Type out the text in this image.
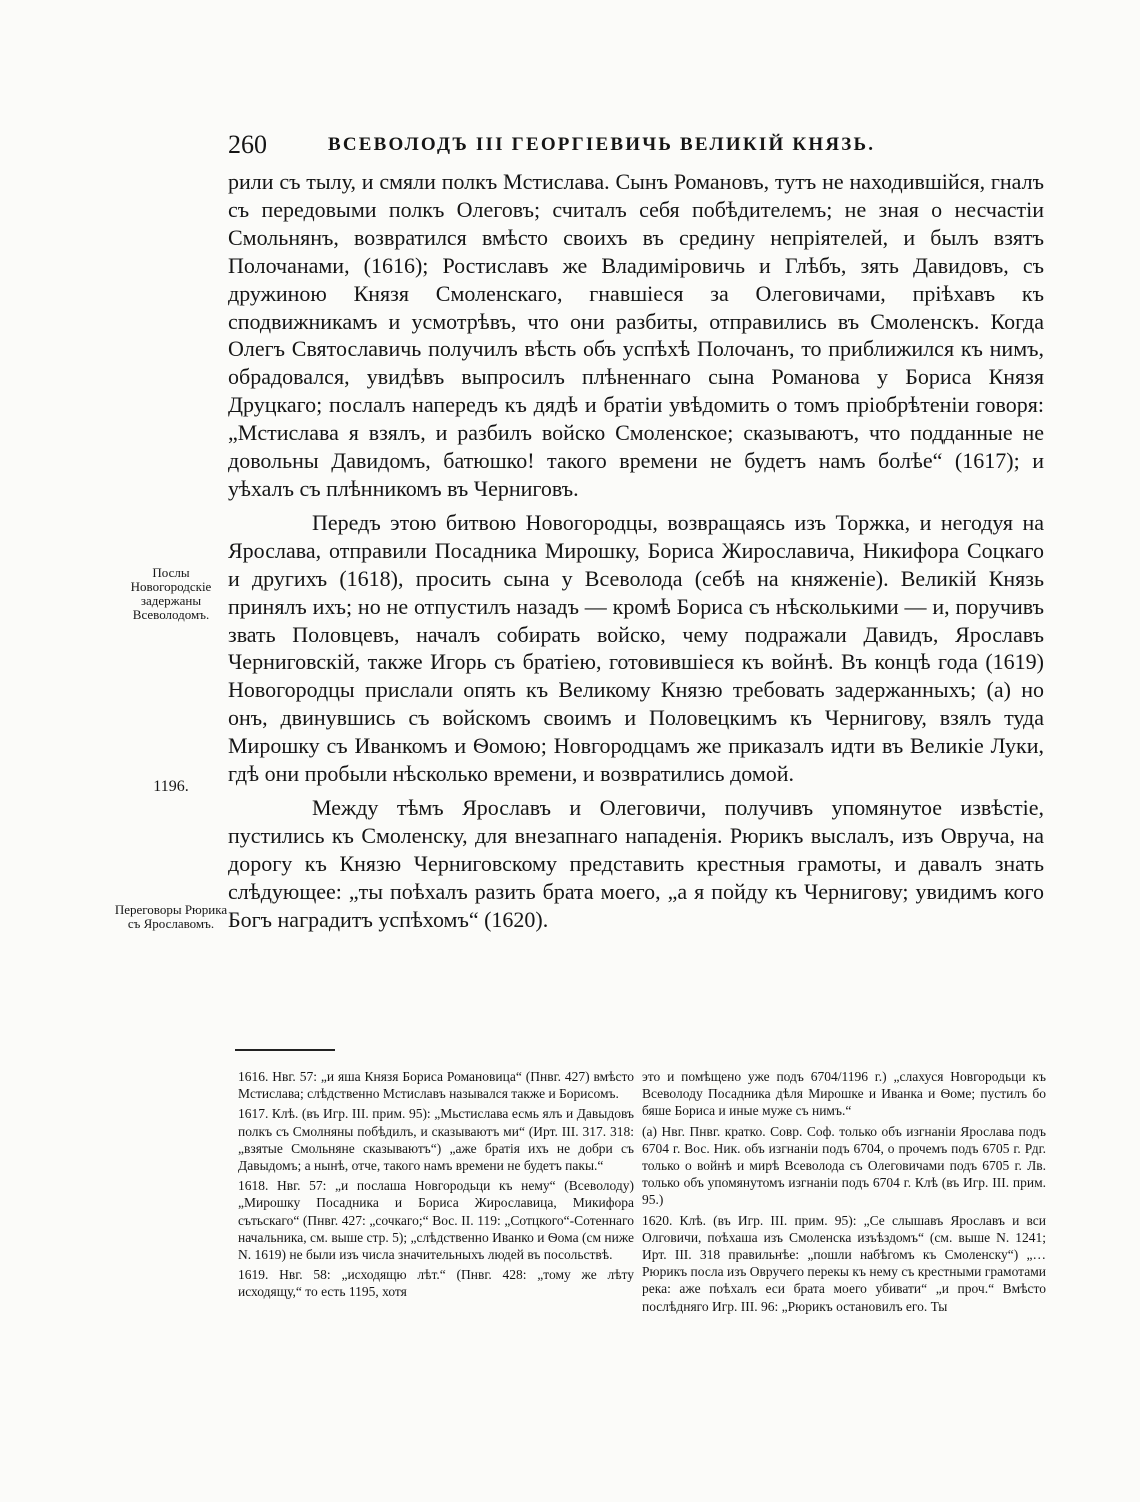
260	ВСЕВОЛОДЪ III ГЕОРГІЕВИЧЬ ВЕЛИКІЙ КНЯЗЬ.

рили съ тылу, и смяли полкъ Мстислава. Сынъ Романовъ, тутъ не находившійся, гналъ съ передовыми полкъ Олеговъ; считалъ себя побѣдителемъ; не зная о несчастіи Смольнянъ, возвратился вмѣсто своихъ въ средину непріятелей, и былъ взятъ Полочанами, (1616); Ростиславъ же Владиміровичь и Глѣбъ, зять Давидовъ, съ дружиною Князя Смоленскаго, гнавшіеся за Олеговичами, пріѣхавъ къ сподвижникамъ и усмотрѣвъ, что они разбиты, отправились въ Смоленскъ. Когда Олегъ Святославичь получилъ вѣсть объ успѣхѣ Полочанъ, то приближился къ нимъ, обрадовался, увидѣвъ выпросилъ плѣненнаго сына Романова у Бориса Князя Друцкаго; послалъ напередъ къ дядѣ и братіи увѣдомить о томъ пріобрѣтеніи говоря: „Мстислава я взялъ, и разбилъ войско Смоленское; сказываютъ, что подданные не довольны Давидомъ, батюшко! такого времени не будетъ намъ болѣе“ (1617); и уѣхалъ съ плѣнникомъ въ Черниговъ.

Передъ этою битвою Новогородцы, возвращаясь изъ Торжка, и негодуя на Ярослава, отправили Посадника Мирошку, Бориса Жирославича, Никифора Соцкаго и другихъ (1618), просить сына у Всеволода (себѣ на княженіе). Великій Князь принялъ ихъ; но не отпустилъ назадъ — кромѣ Бориса съ нѣсколькими — и, поручивъ звать Половцевъ, началъ собирать войско, чему подражали Давидъ, Ярославъ Черниговскій, также Игорь съ братіею, готовившіеся къ войнѣ. Въ концѣ года (1619) Новогородцы прислали опять къ Великому Князю требовать задержанныхъ; (а) но онъ, двинувшись съ войскомъ своимъ и Половецкимъ къ Чернигову, взялъ туда Мирошку съ Иванкомъ и Ѳомою; Новгородцамъ же приказалъ идти въ Великіе Луки, гдѣ они пробыли нѣсколько времени, и возвратились домой.

Между тѣмъ Ярославъ и Олеговичи, получивъ упомянутое извѣстіе, пустились къ Смоленску, для внезапнаго нападенія. Рюрикъ выслалъ, изъ Овруча, на дорогу къ Князю Черниговскому представить крестныя грамоты, и давалъ знать слѣдующее: „ты поѣхалъ разить брата моего, „а я пойду къ Чернигову; увидимъ кого Богъ наградитъ успѣхомъ“ (1620).

Послы Новогородскіе задержаны Всеволодомъ.
1196.
Переговоры Рюрика съ Ярославомъ.

1616. Нвг. 57: „и яша Князя Бориса Романовица“ (Пнвг. 427) вмѣсто Мстислава; слѣдственно Мстиславъ назывался также и Борисомъ.

1617. Клѣ. (въ Игр. III. прим. 95): „Мьстислава есмь ялъ и Давыдовъ полкъ съ Смолняны побѣдилъ, и сказываютъ ми“ (Ирт. III. 317. 318: „взятые Смольняне сказываютъ“) „аже братія ихъ не добри съ Давыдомъ; а нынѣ, отче, такого намъ времени не будетъ пакы.“

1618. Нвг. 57: „и послаша Новгородьци къ нему“ (Всеволоду) „Мирошку Посадника и Бориса Жирославица, Микифора сътьскаго“ (Пнвг. 427: „сочкаго;“ Вос. II. 119: „Сотцкого“-Сотеннаго начальника, см. выше стр. 5); „слѣдственно Иванко и Ѳома (см ниже N. 1619) не были изъ числа значительныхъ людей въ посольствѣ.

1619. Нвг. 58: „исходящю лѣт.“ (Пнвг. 428: „тому же лѣту исходящу,“ то есть 1195, хотя

это и помѣщено уже подъ 6704/1196 г.) „слахуся Новгородьци къ Всеволоду Посадника дѣля Мирошке и Иванка и Ѳоме; пустилъ бо бяше Бориса и иные муже съ нимъ.“

(а) Нвг. Пнвг. кратко. Совр. Соф. только объ изгнаніи Ярослава подъ 6704 г. Вос. Ник. объ изгнаніи подъ 6704, о прочемъ подъ 6705 г. Рдг. только о войнѣ и мирѣ Всеволода съ Олеговичами подъ 6705 г. Лв. только объ упомянутомъ изгнаніи подъ 6704 г. Клѣ (въ Игр. III. прим. 95.)

1620. Клѣ. (въ Игр. III. прим. 95): „Се слышавъ Ярославъ и вси Олговичи, поѣхаша изъ Смоленска изъѣздомъ“ (см. выше N. 1241; Ирт. III. 318 правильнѣе: „пошли набѣгомъ къ Смоленску“) „… Рюрикъ посла изъ Овручего перекы къ нему съ крестными грамотами река: аже поѣхалъ еси брата моего убивати“ „и проч.“ Вмѣсто послѣдняго Игр. III. 96: „Рюрикъ остановилъ его. Ты
